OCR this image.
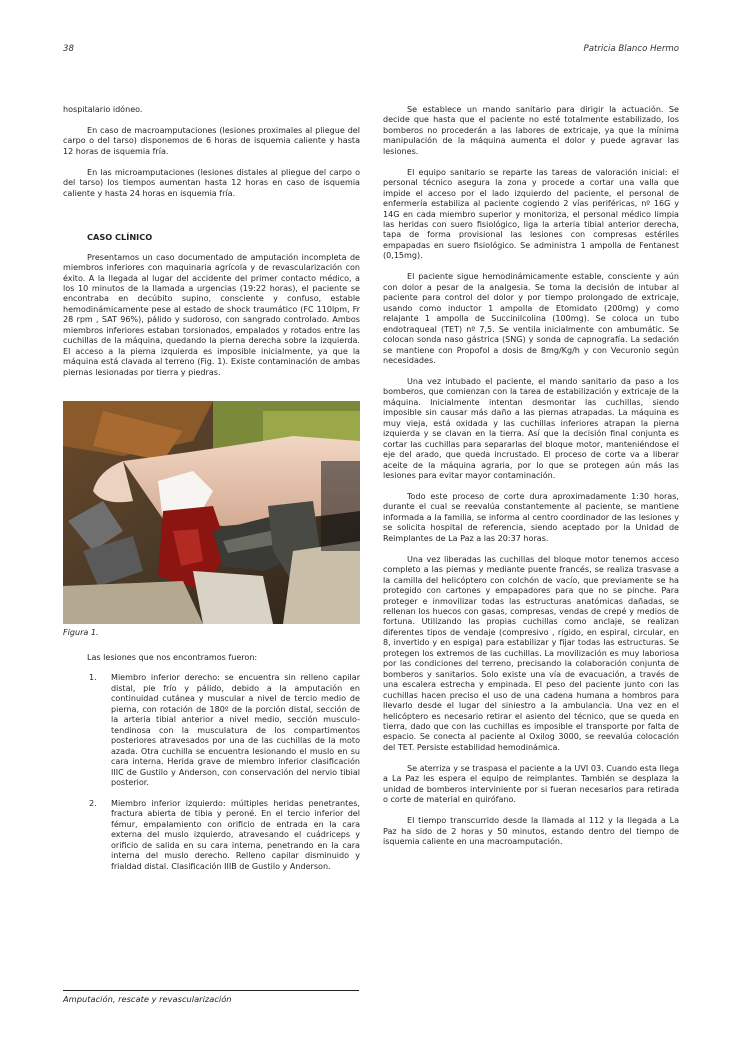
38	Patricia Blanco Hermo

hospitalario idóneo.

En caso de macroamputaciones (lesiones proximales al pliegue del carpo o del tarso) disponemos de 6 horas de isquemia caliente y hasta 12 horas de isquemia fría.

En las microamputaciones (lesiones distales al pliegue del carpo o del tarso) los tiempos aumentan hasta 12 horas en caso de isquemia caliente y hasta 24 horas en isquemia fría.

CASO CLÍNICO

Presentamos un caso documentado de amputación incompleta de miembros inferiores con maquinaria agrícola y de revascularización con éxito. A la llegada al lugar del accidente del primer contacto médico, a los 10 minutos de la llamada a urgencias (19:22 horas), el paciente se encontraba en decúbito supino, consciente y confuso, estable hemodinámicamente pese al estado de shock traumático (FC 110lpm, Fr 28 rpm , SAT 96%), pálido y sudoroso, con sangrado controlado. Ambos miembros inferiores estaban torsionados, empalados y rotados entre las cuchillas de la máquina, quedando la pierna derecha sobre la izquierda. El acceso a la pierna izquierda es imposible inicialmente, ya que la máquina está clavada al terreno (Fig. 1). Existe contaminación de ambas piernas lesionadas por tierra y piedras.

Figura 1.

Las lesiones que nos encontramos fueron:

1.	Miembro inferior derecho: se encuentra sin relleno capilar distal, pie frío y pálido, debido a la amputación en continuidad cutánea y muscular a nivel de tercio medio de pierna, con rotación de 180º de la porción distal, sección de la arteria tibial anterior a nivel medio, sección musculo-tendinosa con la musculatura de los compartimentos posteriores atravesados por una de las cuchillas de la moto azada. Otra cuchilla se encuentra lesionando el muslo en su cara interna. Herida grave de miembro inferior clasificación IIIC de Gustilo y Anderson, con conservación del nervio tibial posterior.
2.	Miembro inferior izquierdo: múltiples heridas penetrantes, fractura abierta de tibia y peroné. En el tercio inferior del fémur, empalamiento con orificio de entrada en la cara externa del muslo izquierdo, atravesando el cuádriceps y orificio de salida en su cara interna, penetrando en la cara interna del muslo derecho. Relleno capilar disminuido y frialdad distal. Clasificación IIIB de Gustilo y Anderson.

Se establece un mando sanitario para dirigir la actuación. Se decide que hasta que el paciente no esté totalmente estabilizado, los bomberos no procederán a las labores de extricaje, ya que la mínima manipulación de la máquina aumenta el dolor y puede agravar las lesiones.

El equipo sanitario se reparte las tareas de valoración inicial: el personal técnico asegura la zona y procede a cortar una valla que impide el acceso por el lado izquierdo del paciente, el personal de enfermería estabiliza al paciente cogiendo 2 vías periféricas, nº 16G y 14G en cada miembro superior y monitoriza, el personal médico limpia las heridas con suero fisiológico, liga la arteria tibial anterior derecha, tapa de forma provisional las lesiones con compresas estériles empapadas en suero fisiológico. Se administra 1 ampolla de Fentanest (0,15mg).

El paciente sigue hemodinámicamente estable, consciente y aún con dolor a pesar de la analgesia. Se toma la decisión de intubar al paciente para control del dolor y por tiempo prolongado de extricaje, usando como inductor 1 ampolla de Etomidato (200mg) y como relajante 1 ampolla de Succinilcolina (100mg). Se coloca un tubo endotraqueal (TET) nº 7,5. Se ventila inicialmente con ambumátic. Se colocan sonda naso gástrica (SNG) y sonda de capnografía. La sedación se mantiene con Propofol a dosis de 8mg/Kg/h y con Vecuronio según necesidades.

Una vez intubado el paciente, el mando sanitario da paso a los bomberos, que comienzan con la tarea de estabilización y extricaje de la máquina. Inicialmente intentan desmontar las cuchillas, siendo imposible sin causar más daño a las piernas atrapadas. La máquina es muy vieja, está oxidada y las cuchillas inferiores atrapan la pierna izquierda y se clavan en la tierra. Así que la decisión final conjunta es cortar las cuchillas para separarlas del bloque motor, manteniéndose el eje del arado, que queda incrustado. El proceso de corte va a liberar aceite de la máquina agraria, por lo que se protegen aún más las lesiones para evitar mayor contaminación.

Todo este proceso de corte dura aproximadamente 1:30 horas, durante el cual se reevalúa constantemente al paciente, se mantiene informada a la familia, se informa al centro coordinador de las lesiones y se solicita hospital de referencia, siendo aceptado por la Unidad de Reimplantes de La Paz a las 20:37 horas.

Una vez liberadas las cuchillas del bloque motor tenemos acceso completo a las piernas y mediante puente francés, se realiza trasvase a la camilla del helicóptero con colchón de vacío, que previamente se ha protegido con cartones y empapadores para que no se pinche. Para proteger e inmovilizar todas las estructuras anatómicas dañadas, se rellenan los huecos con gasas, compresas, vendas de crepé y medios de fortuna. Utilizando las propias cuchillas como anclaje, se realizan diferentes tipos de vendaje (compresivo , rígido, en espiral, circular, en 8, invertido y en espiga) para estabilizar y fijar todas las estructuras. Se protegen los extremos de las cuchillas. La movilización es muy laboriosa por las condiciones del terreno, precisando la colaboración conjunta de bomberos y sanitarios. Solo existe una vía de evacuación, a través de una escalera estrecha y empinada. El peso del paciente junto con las cuchillas hacen preciso el uso de una cadena humana a hombros para llevarlo desde el lugar del siniestro a la ambulancia. Una vez en el helicóptero es necesario retirar el asiento del técnico, que se queda en tierra, dado que con las cuchillas es imposible el transporte por falta de espacio. Se conecta al paciente al Oxilog 3000, se reevalúa colocación del TET. Persiste estabilidad hemodinámica.

Se aterriza y se traspasa el paciente a la UVI 03. Cuando esta llega a La Paz les espera el equipo de reimplantes. También se desplaza la unidad de bomberos interviniente por si fueran necesarios para retirada o corte de material en quirófano.

El tiempo transcurrido desde la llamada al 112 y la llegada a La Paz ha sido de 2 horas y 50 minutos, estando dentro del tiempo de isquemia caliente en una macroamputación.

Amputación, rescate y revascularización
